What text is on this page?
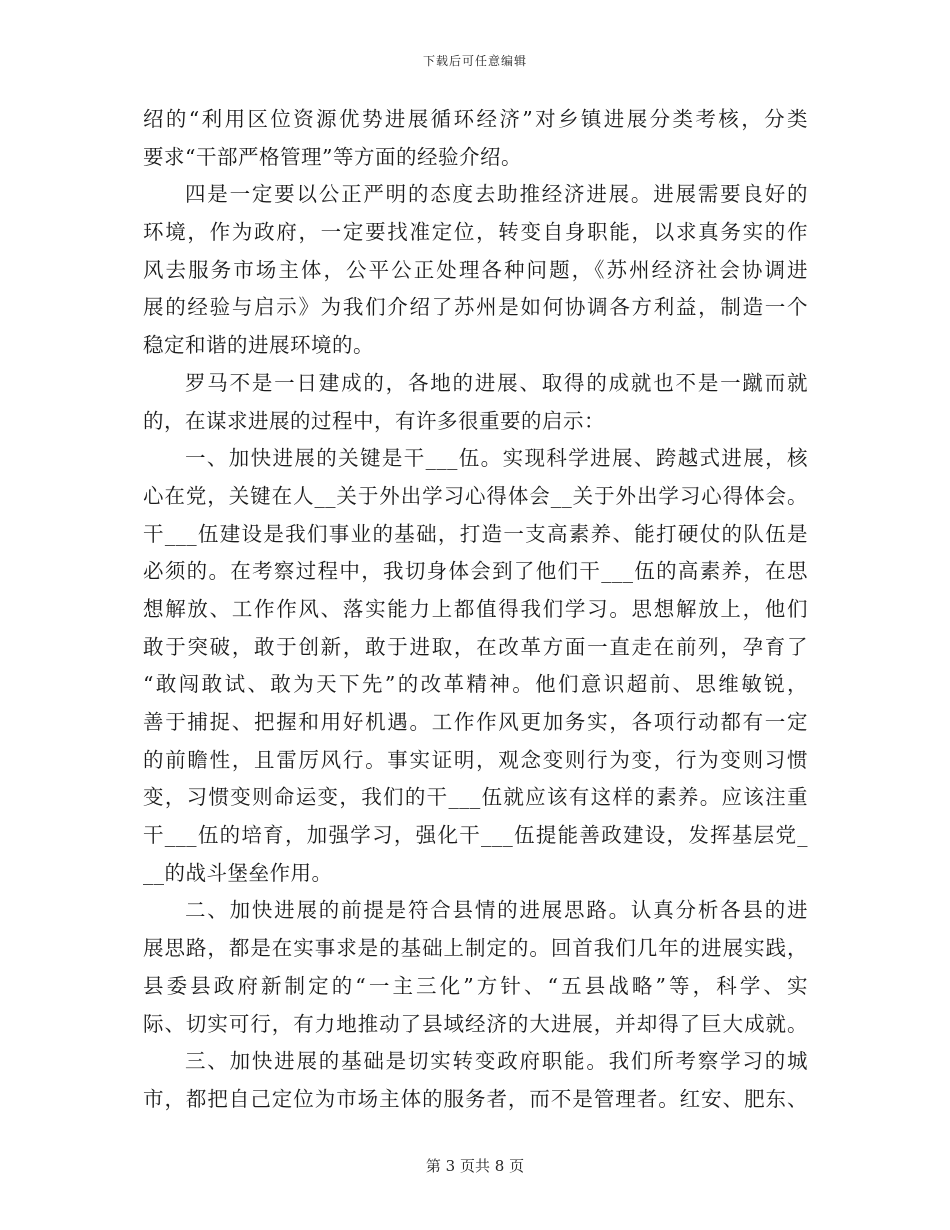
下载后可任意编辑
绍的“利用区位资源优势进展循环经济”对乡镇进展分类考核，分类
要求“干部严格管理”等方面的经验介绍。
四是一定要以公正严明的态度去助推经济进展。进展需要良好的
环境，作为政府，一定要找准定位，转变自身职能，以求真务实的作
风去服务市场主体，公平公正处理各种问题，《苏州经济社会协调进
展的经验与启示》为我们介绍了苏州是如何协调各方利益，制造一个
稳定和谐的进展环境的。
罗马不是一日建成的，各地的进展、取得的成就也不是一蹴而就
的，在谋求进展的过程中，有许多很重要的启示：
一、加快进展的关键是干___伍。实现科学进展、跨越式进展，核
心在党，关键在人__关于外出学习心得体会__关于外出学习心得体会。
干___伍建设是我们事业的基础，打造一支高素养、能打硬仗的队伍是
必须的。在考察过程中，我切身体会到了他们干___伍的高素养，在思
想解放、工作作风、落实能力上都值得我们学习。思想解放上，他们
敢于突破，敢于创新，敢于进取，在改革方面一直走在前列，孕育了
“敢闯敢试、敢为天下先”的改革精神。他们意识超前、思维敏锐，
善于捕捉、把握和用好机遇。工作作风更加务实，各项行动都有一定
的前瞻性，且雷厉风行。事实证明，观念变则行为变，行为变则习惯
变，习惯变则命运变，我们的干___伍就应该有这样的素养。应该注重
干___伍的培育，加强学习，强化干___伍提能善政建设，发挥基层党_
__的战斗堡垒作用。
二、加快进展的前提是符合县情的进展思路。认真分析各县的进
展思路，都是在实事求是的基础上制定的。回首我们几年的进展实践，
县委县政府新制定的“一主三化”方针、“五县战略”等，科学、实
际、切实可行，有力地推动了县域经济的大进展，并却得了巨大成就。
三、加快进展的基础是切实转变政府职能。我们所考察学习的城
市，都把自己定位为市场主体的服务者，而不是管理者。红安、肥东、
第 3 页共 8 页
